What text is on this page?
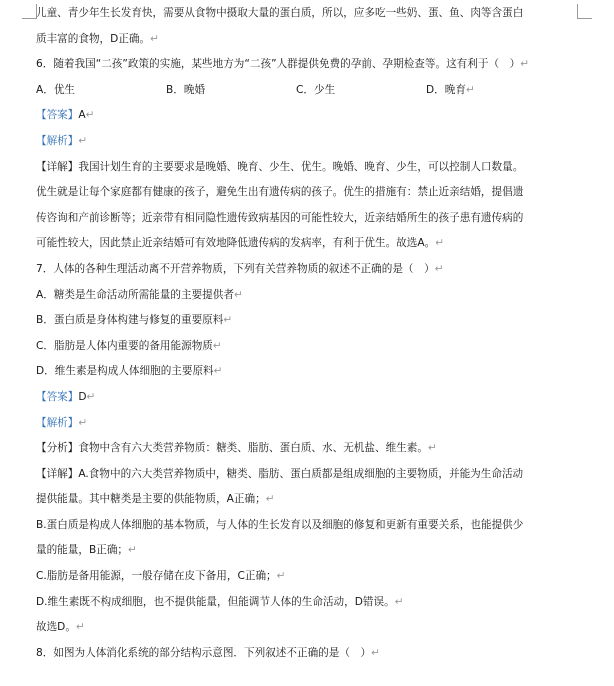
儿童、青少年生长发育快，需要从食物中摄取大量的蛋白质，所以，应多吃一些奶、蛋、鱼、肉等含蛋白
质丰富的食物，D正确。↵
6．随着我国“二孩”政策的实施，某些地方为“二孩”人群提供免费的孕前、孕期检查等。这有利于（　）↵
A．优生	B．晚婚	C．少生	D．晚育↵
【答案】A↵
【解析】↵
【详解】我国计划生育的主要要求是晚婚、晚育、少生、优生。晚婚、晚育、少生，可以控制人口数量。
优生就是让每个家庭都有健康的孩子，避免生出有遗传病的孩子。优生的措施有：禁止近亲结婚，提倡遗
传咨询和产前诊断等；近亲带有相同隐性遗传致病基因的可能性较大，近亲结婚所生的孩子患有遗传病的
可能性较大，因此禁止近亲结婚可有效地降低遗传病的发病率，有利于优生。故选A。↵
7．人体的各种生理活动离不开营养物质，下列有关营养物质的叙述不正确的是（　）↵
A．糖类是生命活动所需能量的主要提供者↵
B．蛋白质是身体构建与修复的重要原料↵
C．脂肪是人体内重要的备用能源物质↵
D．维生素是构成人体细胞的主要原料↵
【答案】D↵
【解析】↵
【分析】食物中含有六大类营养物质：糖类、脂肪、蛋白质、水、无机盐、维生素。↵
【详解】A.食物中的六大类营养物质中，糖类、脂肪、蛋白质都是组成细胞的主要物质，并能为生命活动
提供能量。其中糖类是主要的供能物质，A正确；↵
B.蛋白质是构成人体细胞的基本物质，与人体的生长发育以及细胞的修复和更新有重要关系，也能提供少
量的能量，B正确；↵
C.脂肪是备用能源，一般存储在皮下备用，C正确；↵
D.维生素既不构成细胞，也不提供能量，但能调节人体的生命活动，D错误。↵
故选D。↵
8．如图为人体消化系统的部分结构示意图．下列叙述不正确的是（　）↵
